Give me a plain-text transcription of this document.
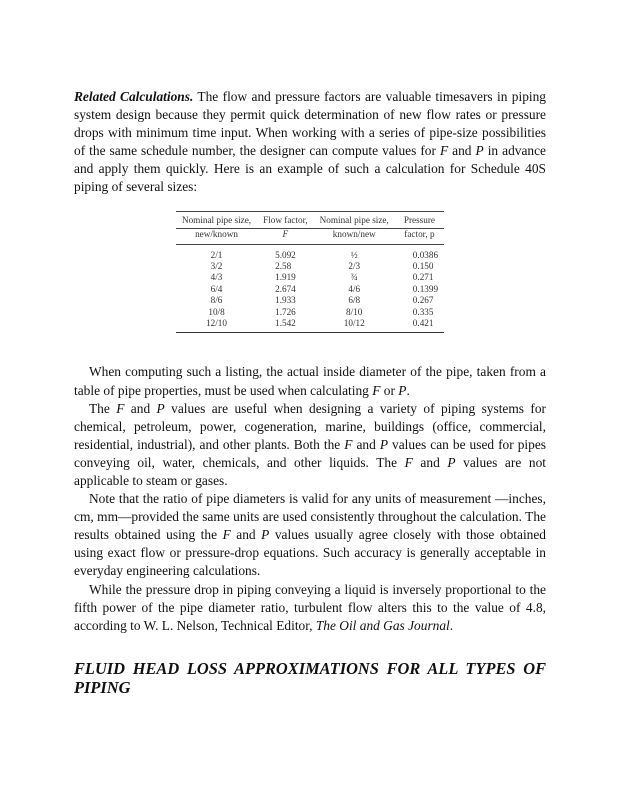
Related Calculations. The flow and pressure factors are valuable timesavers in piping system design because they permit quick determination of new flow rates or pressure drops with minimum time input. When working with a series of pipe-size possibilities of the same schedule number, the designer can compute values for F and P in advance and apply them quickly. Here is an example of such a calculation for Schedule 40S piping of several sizes:

Nominal pipe size,	Flow factor,	Nominal pipe size,	Pressure
new/known	F	known/new	factor, p
2/1	5.092	½	0.0386
3/2	2.58	2/3	0.150
4/3	1.919	¾	0.271
6/4	2.674	4/6	0.1399
8/6	1.933	6/8	0.267
10/8	1.726	8/10	0.335
12/10	1.542	10/12	0.421

When computing such a listing, the actual inside diameter of the pipe, taken from a table of pipe properties, must be used when calculating F or P.

The F and P values are useful when designing a variety of piping systems for chemical, petroleum, power, cogeneration, marine, buildings (office, commercial, residential, industrial), and other plants. Both the F and P values can be used for pipes conveying oil, water, chemicals, and other liquids. The F and P values are not applicable to steam or gases.

Note that the ratio of pipe diameters is valid for any units of measurement —inches, cm, mm—provided the same units are used consistently throughout the calculation. The results obtained using the F and P values usually agree closely with those obtained using exact flow or pressure-drop equations. Such accuracy is generally acceptable in everyday engineering calculations.

While the pressure drop in piping conveying a liquid is inversely proportional to the fifth power of the pipe diameter ratio, turbulent flow alters this to the value of 4.8, according to W. L. Nelson, Technical Editor, The Oil and Gas Journal.

FLUID HEAD LOSS APPROXIMATIONS FOR ALL TYPES OF PIPING
